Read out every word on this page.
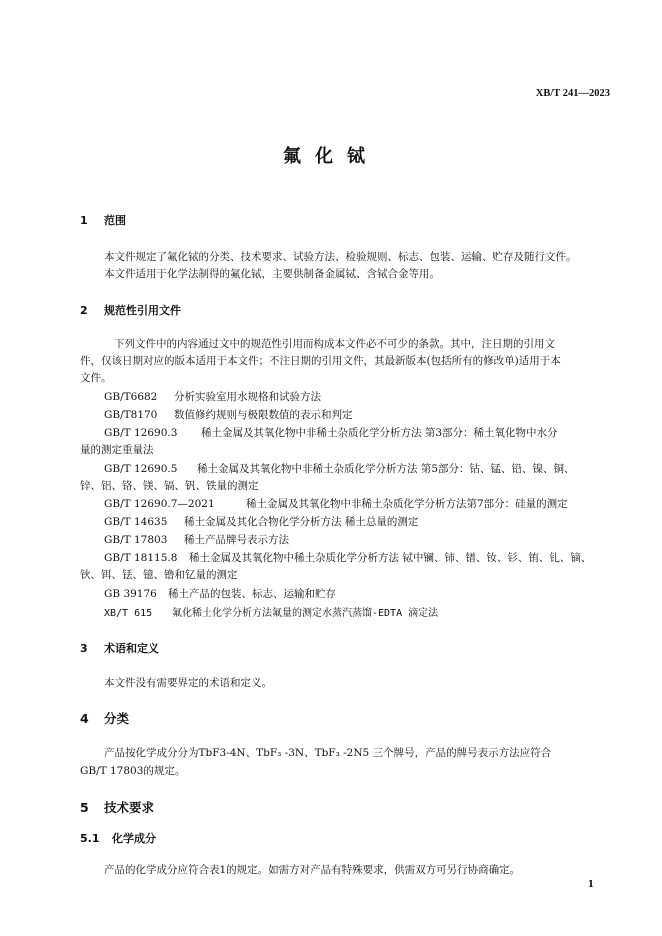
XB/T 241—2023
氟化铽
1 范围
本文件规定了氟化铽的分类、技术要求、试验方法、检验规则、标志、包装、运输、贮存及随行文件。
本文件适用于化学法制得的氟化铽，主要供制备金属铽、含铽合金等用。
2 规范性引用文件
下列文件中的内容通过文中的规范性引用而构成本文件必不可少的条款。其中，注日期的引用文
件，仅该日期对应的版本适用于本文件；不注日期的引用文件，其最新版本(包括所有的修改单)适用于本
文件。
GB/T6682 分析实验室用水规格和试验方法
GB/T8170 数值修约规则与极限数值的表示和判定
GB/T 12690.3 稀土金属及其氧化物中非稀土杂质化学分析方法 第3部分：稀土氧化物中水分
量的测定重量法
GB/T 12690.5 稀土金属及其氧化物中非稀土杂质化学分析方法 第5部分：钴、锰、铅、镍、铜、
锌、铝、铬、镁、镉、钒、铁量的测定
GB/T 12690.7—2021	稀土金属及其氧化物中非稀土杂质化学分析方法第7部分：硅量的测定
GB/T 14635 稀土金属及其化合物化学分析方法 稀土总量的测定
GB/T 17803 稀土产品牌号表示方法
GB/T 18115.8 稀土金属及其氧化物中稀土杂质化学分析方法 铽中镧、铈、镨、钕、钐、铕、钆、镝、
钬、铒、铥、镱、镥和钇量的测定
GB 39176 稀土产品的包装、标志、运输和贮存
XB/T 615 氟化稀土化学分析方法氟量的测定水蒸汽蒸馏-EDTA 滴定法
3 术语和定义
本文件没有需要界定的术语和定义。
4 分类
产品按化学成分分为TbF3-4N、TbF₃ -3N、TbF₃ -2N5 三个牌号，产品的牌号表示方法应符合
GB/T 17803的规定。
5 技术要求
5.1 化学成分
产品的化学成分应符合表1的规定。如需方对产品有特殊要求，供需双方可另行协商确定。
1
